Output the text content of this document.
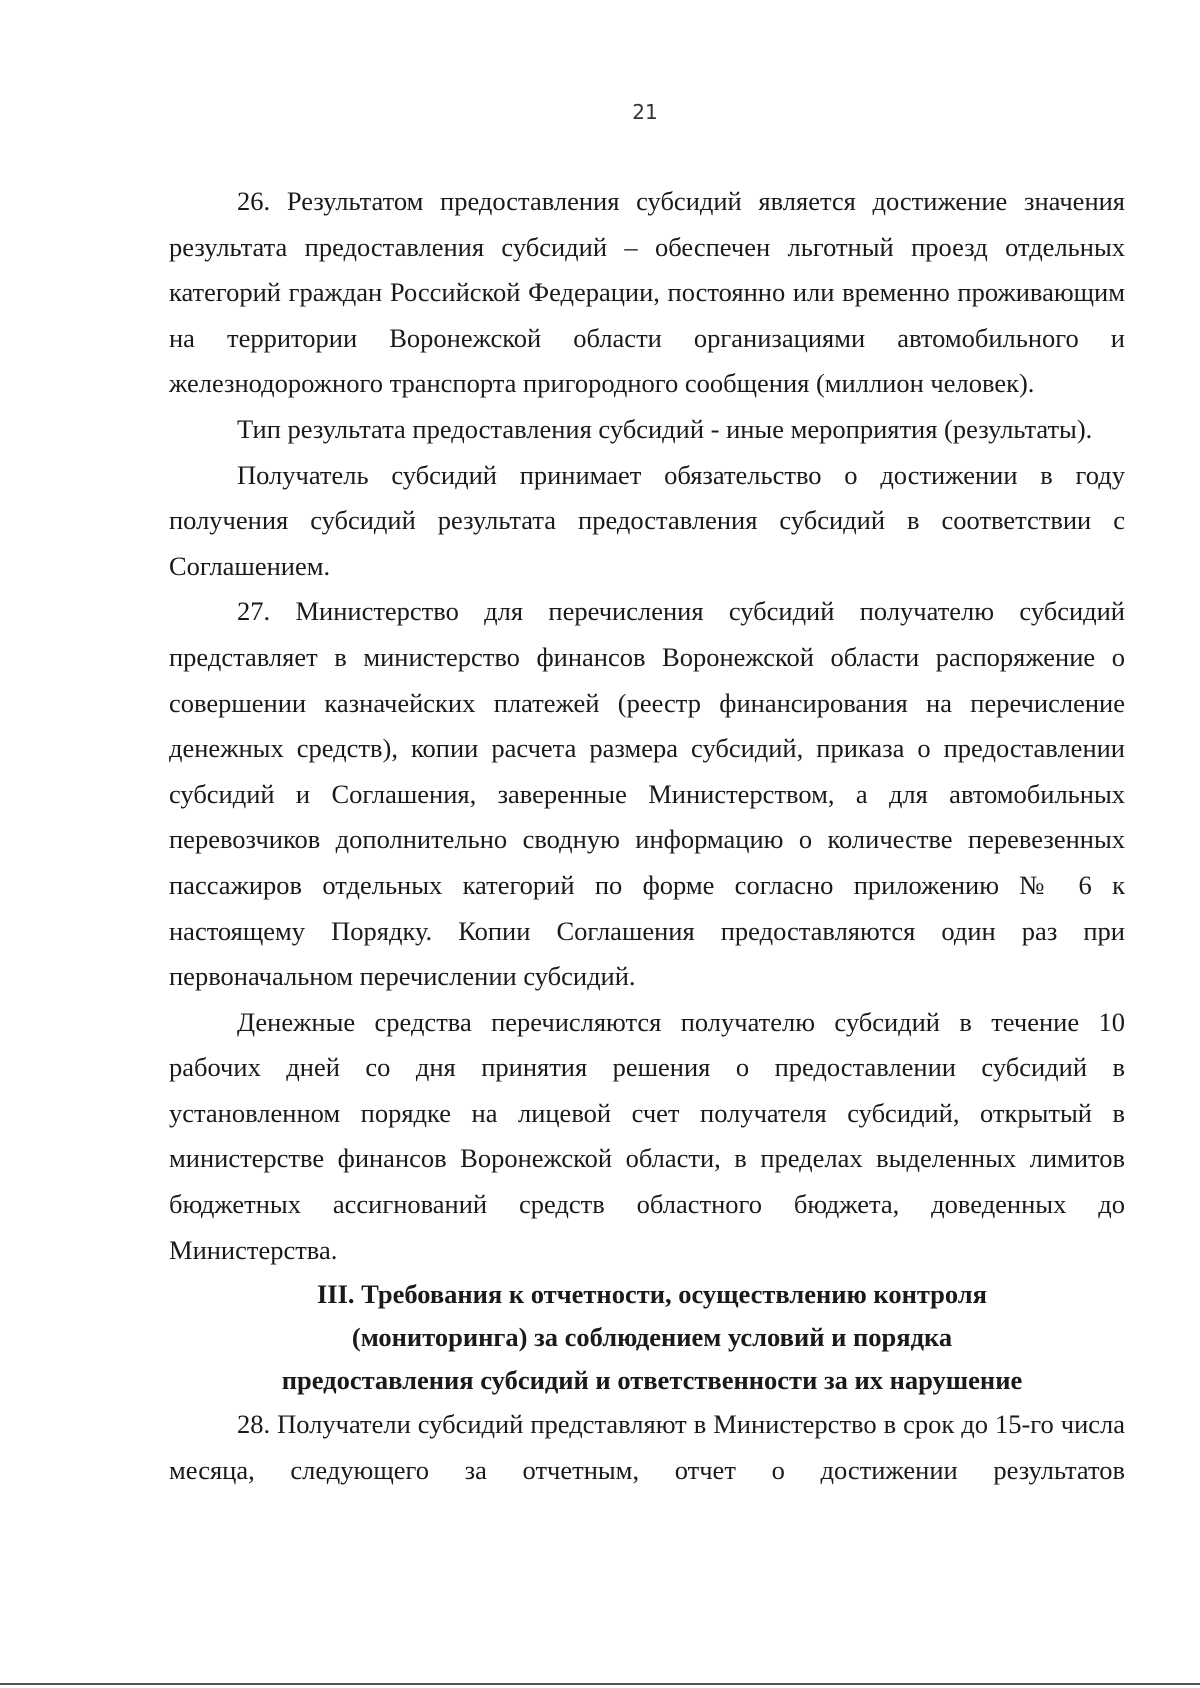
21

26. Результатом предоставления субсидий является достижение значения результата предоставления субсидий – обеспечен льготный проезд отдельных категорий граждан Российской Федерации, постоянно или временно проживающим на территории Воронежской области организациями автомобильного и железнодорожного транспорта пригородного сообщения (миллион человек).

Тип результата предоставления субсидий - иные мероприятия (результаты).

Получатель субсидий принимает обязательство о достижении в году получения субсидий результата предоставления субсидий в соответствии с Соглашением.

27. Министерство для перечисления субсидий получателю субсидий представляет в министерство финансов Воронежской области распоряжение о совершении казначейских платежей (реестр финансирования на перечисление денежных средств), копии расчета размера субсидий, приказа о предоставлении субсидий и Соглашения, заверенные Министерством, а для автомобильных перевозчиков дополнительно сводную информацию о количестве перевезенных пассажиров отдельных категорий по форме согласно приложению № 6 к настоящему Порядку. Копии Соглашения предоставляются один раз при первоначальном перечислении субсидий.

Денежные средства перечисляются получателю субсидий в течение 10 рабочих дней со дня принятия решения о предоставлении субсидий в установленном порядке на лицевой счет получателя субсидий, открытый в министерстве финансов Воронежской области, в пределах выделенных лимитов бюджетных ассигнований средств областного бюджета, доведенных до Министерства.

III. Требования к отчетности, осуществлению контроля
(мониторинга) за соблюдением условий и порядка
предоставления субсидий и ответственности за их нарушение

28. Получатели субсидий представляют в Министерство в срок до 15-го числа месяца, следующего за отчетным, отчет о достижении результатов
